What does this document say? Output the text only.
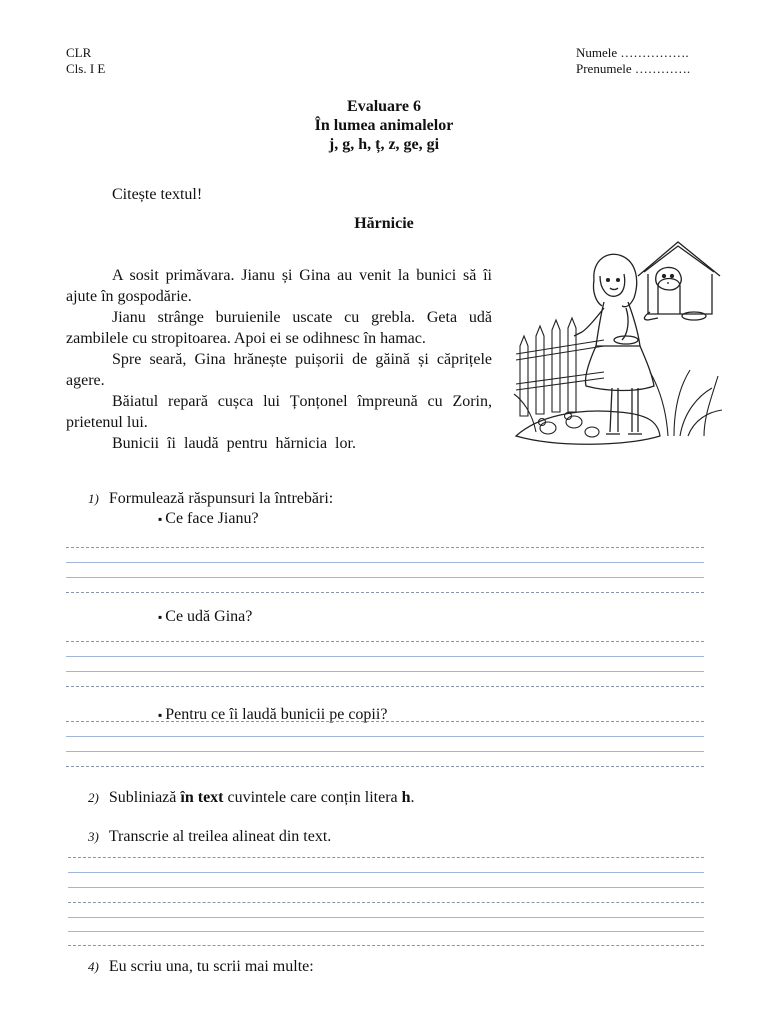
CLR
Cls. I E
Numele …………….
Prenumele ………….
Evaluare 6
În lumea animalelor
j, g, h, ț, z, ge, gi
Citește textul!
Hărnicie
A sosit primăvara. Jianu și Gina au venit la bunici să îi ajute în gospodărie.
Jianu strânge buruienile uscate cu grebla. Geta udă zambilele cu stropitoarea. Apoi ei se odihnesc în hamac.
Spre seară, Gina hrănește puișorii de găină și căprițele agere.
Băiatul repară cușca lui Țonțonel împreună cu Zorin, prietenul lui.
Bunicii îi laudă pentru hărnicia lor.
1) Formulează răspunsuri la întrebări:
▪ Ce face Jianu?
▪ Ce udă Gina?
▪ Pentru ce îi laudă bunicii pe copii?
2) Subliniază în text cuvintele care conțin litera h.
3) Transcrie al treilea alineat din text.
4) Eu scriu una, tu scrii mai multe:
